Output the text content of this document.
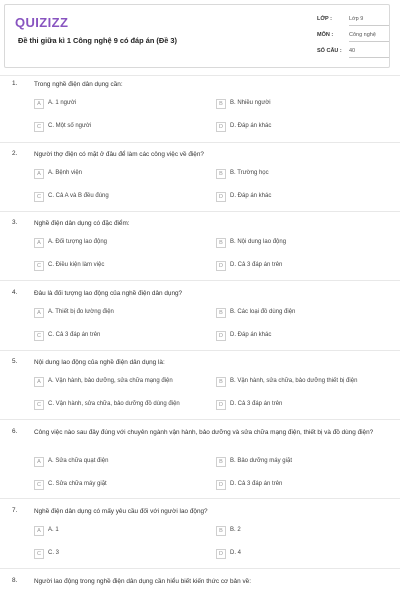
QUIZIZZ
Đề thi giữa kì 1 Công nghệ 9 có đáp án (Đề 3)
LỚP :	Lớp 9
MÔN :	Công nghệ
SỐ CÂU : 40
1.	Trong nghề điện dân dụng cần:
A	A. 1 người	B	B. Nhiều người
C	C. Một số người	D	D. Đáp án khác
2.	Người thợ điện có mặt ở đâu để làm các công việc về điện?
A	A. Bệnh viện	B	B. Trường học
C	C. Cả A và B đều đúng	D	D. Đáp án khác
3.	Nghề điện dân dụng có đặc điểm:
A	A. Đối tượng lao động	B	B. Nội dung lao động
C	C. Điều kiện làm việc	D	D. Cả 3 đáp án trên
4.	Đâu là đối tượng lao động của nghề điện dân dụng?
A	A. Thiết bị đo lường điện	B	B. Các loại đồ dùng điện
C	C. Cả 3 đáp án trên	D	D. Đáp án khác
5.	Nội dung lao động của nghề điện dân dụng là:
A	A. Vận hành, bảo dưỡng, sửa chữa mạng điện	B	B. Vận hành, sửa chữa, bảo dưỡng thiết bị điện
C	C. Vận hành, sửa chữa, bảo dưỡng đồ dùng điện	D	D. Cả 3 đáp án trên
6.	Công việc nào sau đây đúng với chuyên ngành vận hành, bảo dưỡng và sửa chữa mạng điện, thiết bị và đồ dùng điện?
A	A. Sửa chữa quạt điện	B	B. Bảo dưỡng máy giặt
C	C. Sửa chữa máy giặt	D	D. Cả 3 đáp án trên
7.	Nghề điện dân dụng có mấy yêu cầu đối với người lao động?
A	A. 1	B	B. 2
C	C. 3	D	D. 4
8.	Người lao động trong nghề điện dân dụng cần hiểu biết kiến thức cơ bản về:
